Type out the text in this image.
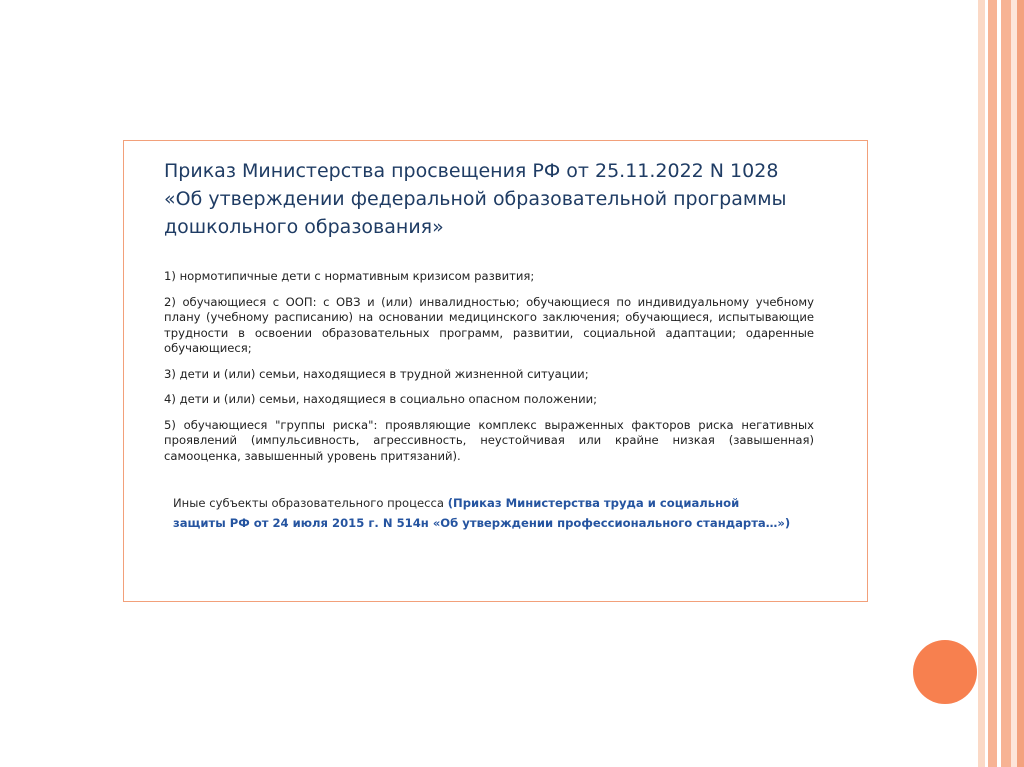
Приказ Министерства просвещения РФ от 25.11.2022 N 1028 «Об утверждении федеральной образовательной программы дошкольного образования»

1) нормотипичные дети с нормативным кризисом развития;

2) обучающиеся с ООП: с ОВЗ и (или) инвалидностью; обучающиеся по индивидуальному учебному плану (учебному расписанию) на основании медицинского заключения; обучающиеся, испытывающие трудности в освоении образовательных программ, развитии, социальной адаптации; одаренные обучающиеся;

3) дети и (или) семьи, находящиеся в трудной жизненной ситуации;

4) дети и (или) семьи, находящиеся в социально опасном положении;

5) обучающиеся "группы риска": проявляющие комплекс выраженных факторов риска негативных проявлений (импульсивность, агрессивность, неустойчивая или крайне низкая (завышенная) самооценка, завышенный уровень притязаний).

Иные субъекты образовательного процесса (Приказ Министерства труда и социальной защиты РФ от 24 июля 2015 г. N 514н «Об утверждении профессионального стандарта…»)
